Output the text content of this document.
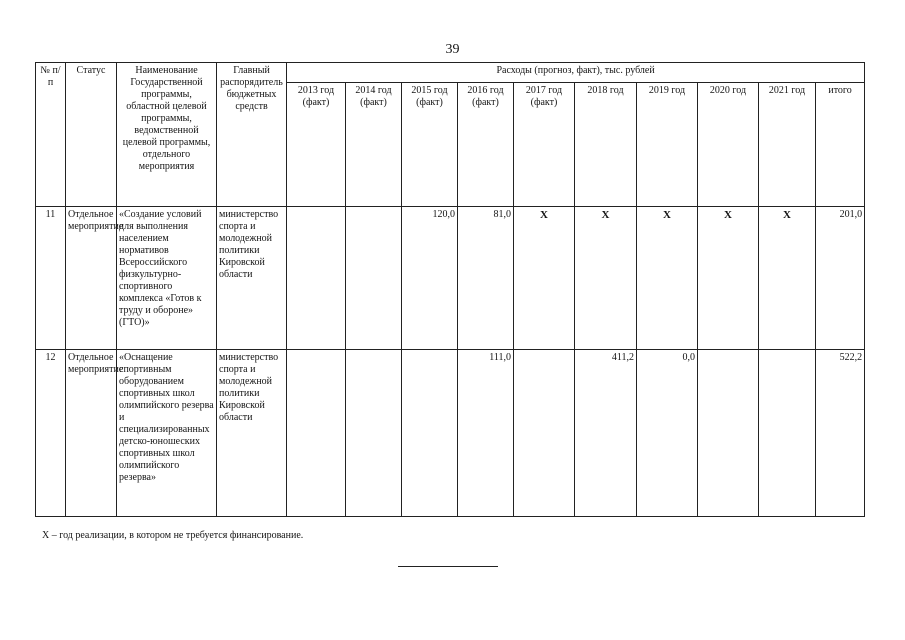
39
№ п/п	Статус	Наименование Государственной программы, областной целевой программы, ведомственной целевой программы, отдельного мероприятия	Главный распорядитель бюджетных средств	Расходы (прогноз, факт), тыс. рублей									
				2013 год (факт)	2014 год (факт)	2015 год (факт)	2016 год (факт)	2017 год (факт)	2018 год	2019 год	2020 год	2021 год	итого
11	Отдельное мероприятие	«Создание условий для выполнения населением нормативов Всероссийского физкультурно-спортивного комплекса «Готов к труду и обороне» (ГТО)»	министерство спорта и молодежной политики Кировской области			120,0	81,0	X	X	X	X	X	201,0
12	Отдельное мероприятие	«Оснащение спортивным оборудованием спортивных школ олимпийского резерва и специализированных детско-юношеских спортивных школ олимпийского резерва»	министерство спорта и молодежной политики Кировской области				111,0		411,2	0,0			522,2
X – год реализации, в котором не требуется финансирование.
